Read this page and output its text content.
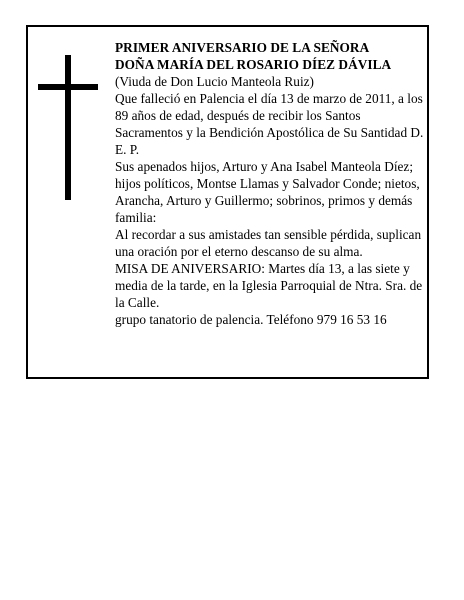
PRIMER ANIVERSARIO DE LA SEÑORA

DOÑA MARÍA DEL ROSARIO DÍEZ DÁVILA

(Viuda de Don Lucio Manteola Ruiz)

Que falleció en Palencia el día 13 de marzo de 2011, a los 89 años de edad, después de recibir los Santos Sacramentos y la Bendición Apostólica de Su Santidad D. E. P.

Sus apenados hijos, Arturo y Ana Isabel Manteola Díez; hijos políticos, Montse Llamas y Salvador Conde; nietos, Arancha, Arturo y Guillermo; sobrinos, primos y demás familia:

Al recordar a sus amistades tan sensible pérdida, suplican una oración por el eterno descanso de su alma.

MISA DE ANIVERSARIO: Martes día 13, a las siete y media de la tarde, en la Iglesia Parroquial de Ntra. Sra. de la Calle.

grupo tanatorio de palencia. Teléfono 979 16 53 16
